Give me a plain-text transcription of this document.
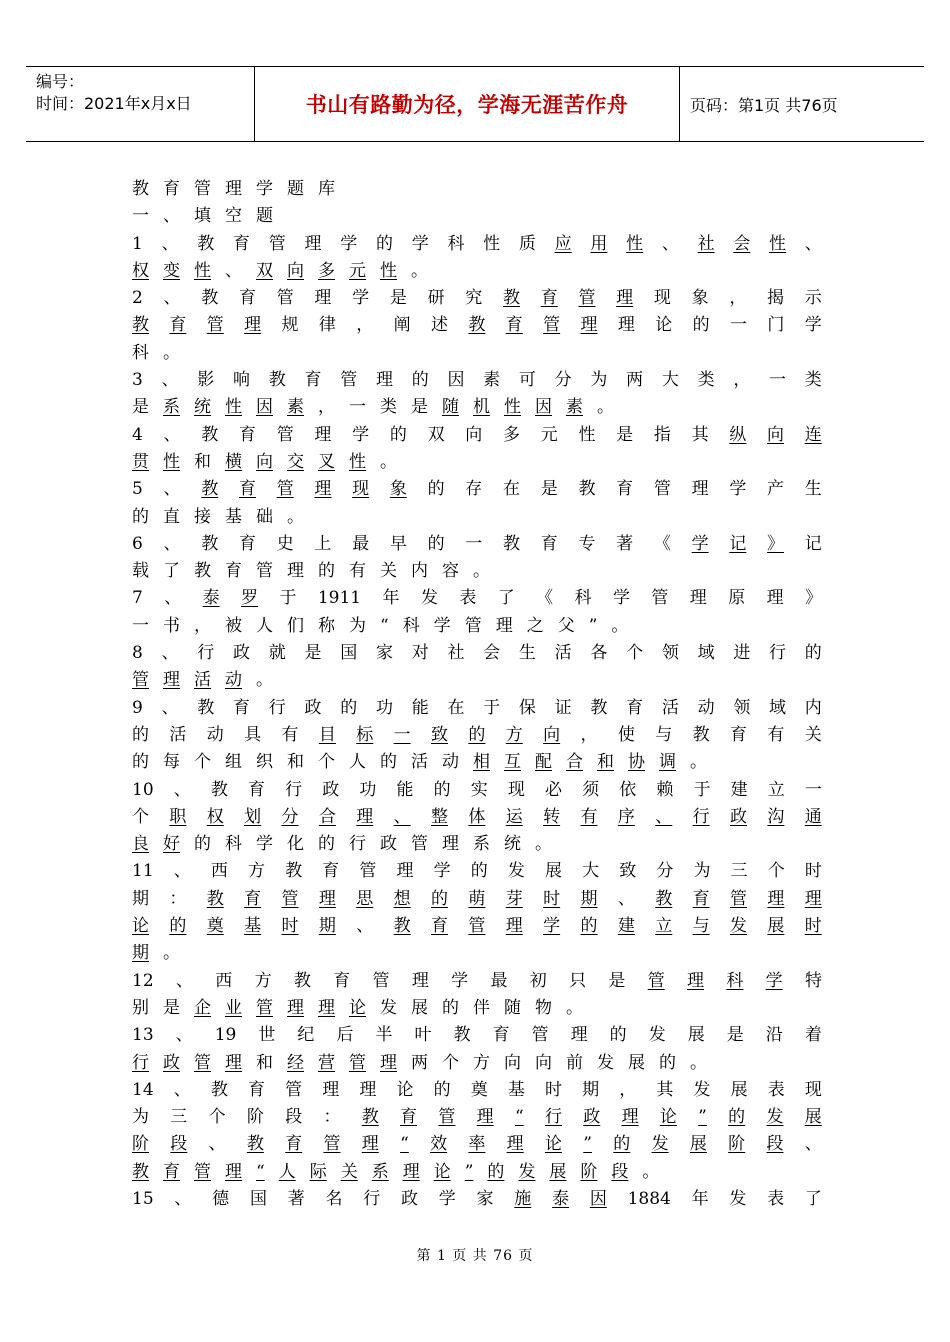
编号：
时间：2021年x月x日	书山有路勤为径，学海无涯苦作舟	页码：第1页 共76页
教 育 管 理 学 题 库
一 、 填 空 题
1 、 教 育 管 理 学 的 学 科 性 质 应 用 性 、 社 会 性 、
权 变 性 、 双 向 多 元 性 。
2 、 教 育 管 理 学 是 研 究 教 育 管 理 现 象 ， 揭 示
教 育 管 理 规 律 ， 阐 述 教 育 管 理 理 论 的 一 门 学
科 。
3 、 影 响 教 育 管 理 的 因 素 可 分 为 两 大 类 ， 一 类
是 系 统 性 因 素 ， 一 类 是 随 机 性 因 素 。
4 、 教 育 管 理 学 的 双 向 多 元 性 是 指 其 纵 向 连
贯 性 和 横 向 交 叉 性 。
5 、 教 育 管 理 现 象 的 存 在 是 教 育 管 理 学 产 生
的 直 接 基 础 。
6 、 教 育 史 上 最 早 的 一 教 育 专 著 《 学 记 》 记
载 了 教 育 管 理 的 有 关 内 容 。
7 、 泰 罗 于 1911 年 发 表 了 《 科 学 管 理 原 理 》
一 书 ， 被 人 们 称 为 “ 科 学 管 理 之 父 ” 。
8 、 行 政 就 是 国 家 对 社 会 生 活 各 个 领 域 进 行 的
管 理 活 动 。
9 、 教 育 行 政 的 功 能 在 于 保 证 教 育 活 动 领 域 内
的 活 动 具 有 目 标 一 致 的 方 向 ， 使 与 教 育 有 关
的 每 个 组 织 和 个 人 的 活 动 相 互 配 合 和 协 调 。
10 、 教 育 行 政 功 能 的 实 现 必 须 依 赖 于 建 立 一
个 职 权 划 分 合 理 、 整 体 运 转 有 序 、 行 政 沟 通
良 好 的 科 学 化 的 行 政 管 理 系 统 。
11 、 西 方 教 育 管 理 学 的 发 展 大 致 分 为 三 个 时
期 ： 教 育 管 理 思 想 的 萌 芽 时 期 、 教 育 管 理 理
论 的 奠 基 时 期 、 教 育 管 理 学 的 建 立 与 发 展 时
期 。
12 、 西 方 教 育 管 理 学 最 初 只 是 管 理 科 学 特
别 是 企 业 管 理 理 论 发 展 的 伴 随 物 。
13 、 19 世 纪 后 半 叶 教 育 管 理 的 发 展 是 沿 着
行 政 管 理 和 经 营 管 理 两 个 方 向 向 前 发 展 的 。
14 、 教 育 管 理 理 论 的 奠 基 时 期 ， 其 发 展 表 现
为 三 个 阶 段 ： 教 育 管 理 “ 行 政 理 论 ” 的 发 展
阶 段 、 教 育 管 理 “ 效 率 理 论 ” 的 发 展 阶 段 、
教 育 管 理 “ 人 际 关 系 理 论 ” 的 发 展 阶 段 。
15 、 德 国 著 名 行 政 学 家 施 泰 因 1884 年 发 表 了
第 1 页 共 76 页
